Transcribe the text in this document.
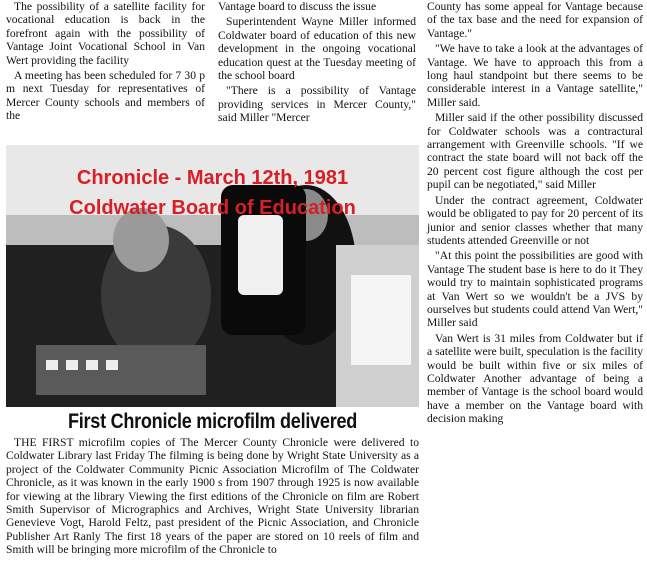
The possibility of a satellite facility for vocational education is back in the forefront again with the possibility of Vantage Joint Vocational School in Van Wert providing the facility

A meeting has been scheduled for 7 30 p m next Tuesday for representatives of Mercer County schools and members of the

Vantage board to discuss the issue

Superintendent Wayne Miller informed Coldwater board of education of this new development in the ongoing vocational education quest at the Tuesday meeting of the school board

"There is a possibility of Vantage providing services in Mercer County," said Miller "Mercer

County has some appeal for Vantage because of the tax base and the need for expansion of Vantage."

"We have to take a look at the advantages of Vantage. We have to approach this from a long haul standpoint but there seems to be considerable interest in a Vantage satellite," Miller said.

Miller said if the other possibility discussed for Coldwater schools was a contractural arrangement with Greenville schools. "If we contract the state board will not back off the 20 percent cost figure although the cost per pupil can be negotiated," said Miller

Under the contract agreement, Coldwater would be obligated to pay for 20 percent of its junior and senior classes whether that many students attended Greenville or not

"At this point the possibilities are good with Vantage The student base is here to do it They would try to maintain sophisticated programs at Van Wert so we wouldn't be a JVS by ourselves but students could attend Van Wert," Miller said

Van Wert is 31 miles from Coldwater but if a satellite were built, speculation is the facility would be built within five or six miles of Coldwater Another advantage of being a member of Vantage is the school board would have a member on the Vantage board with decision making

Chronicle - March 12th, 1981
Coldwater Board of Education
First Chronicle microfilm delivered

THE FIRST microfilm copies of The Mercer County Chronicle were delivered to Coldwater Library last Friday The filming is being done by Wright State University as a project of the Coldwater Community Picnic Association Microfilm of The Coldwater Chronicle, as it was known in the early 1900 s from 1907 through 1925 is now available for viewing at the library Viewing the first editions of the Chronicle on film are Robert Smith Supervisor of Micrographics and Archives, Wright State University librarian Genevieve Vogt, Harold Feltz, past president of the Picnic Association, and Chronicle Publisher Art Ranly The first 18 years of the paper are stored on 10 reels of film and Smith will be bringing more microfilm of the Chronicle to
